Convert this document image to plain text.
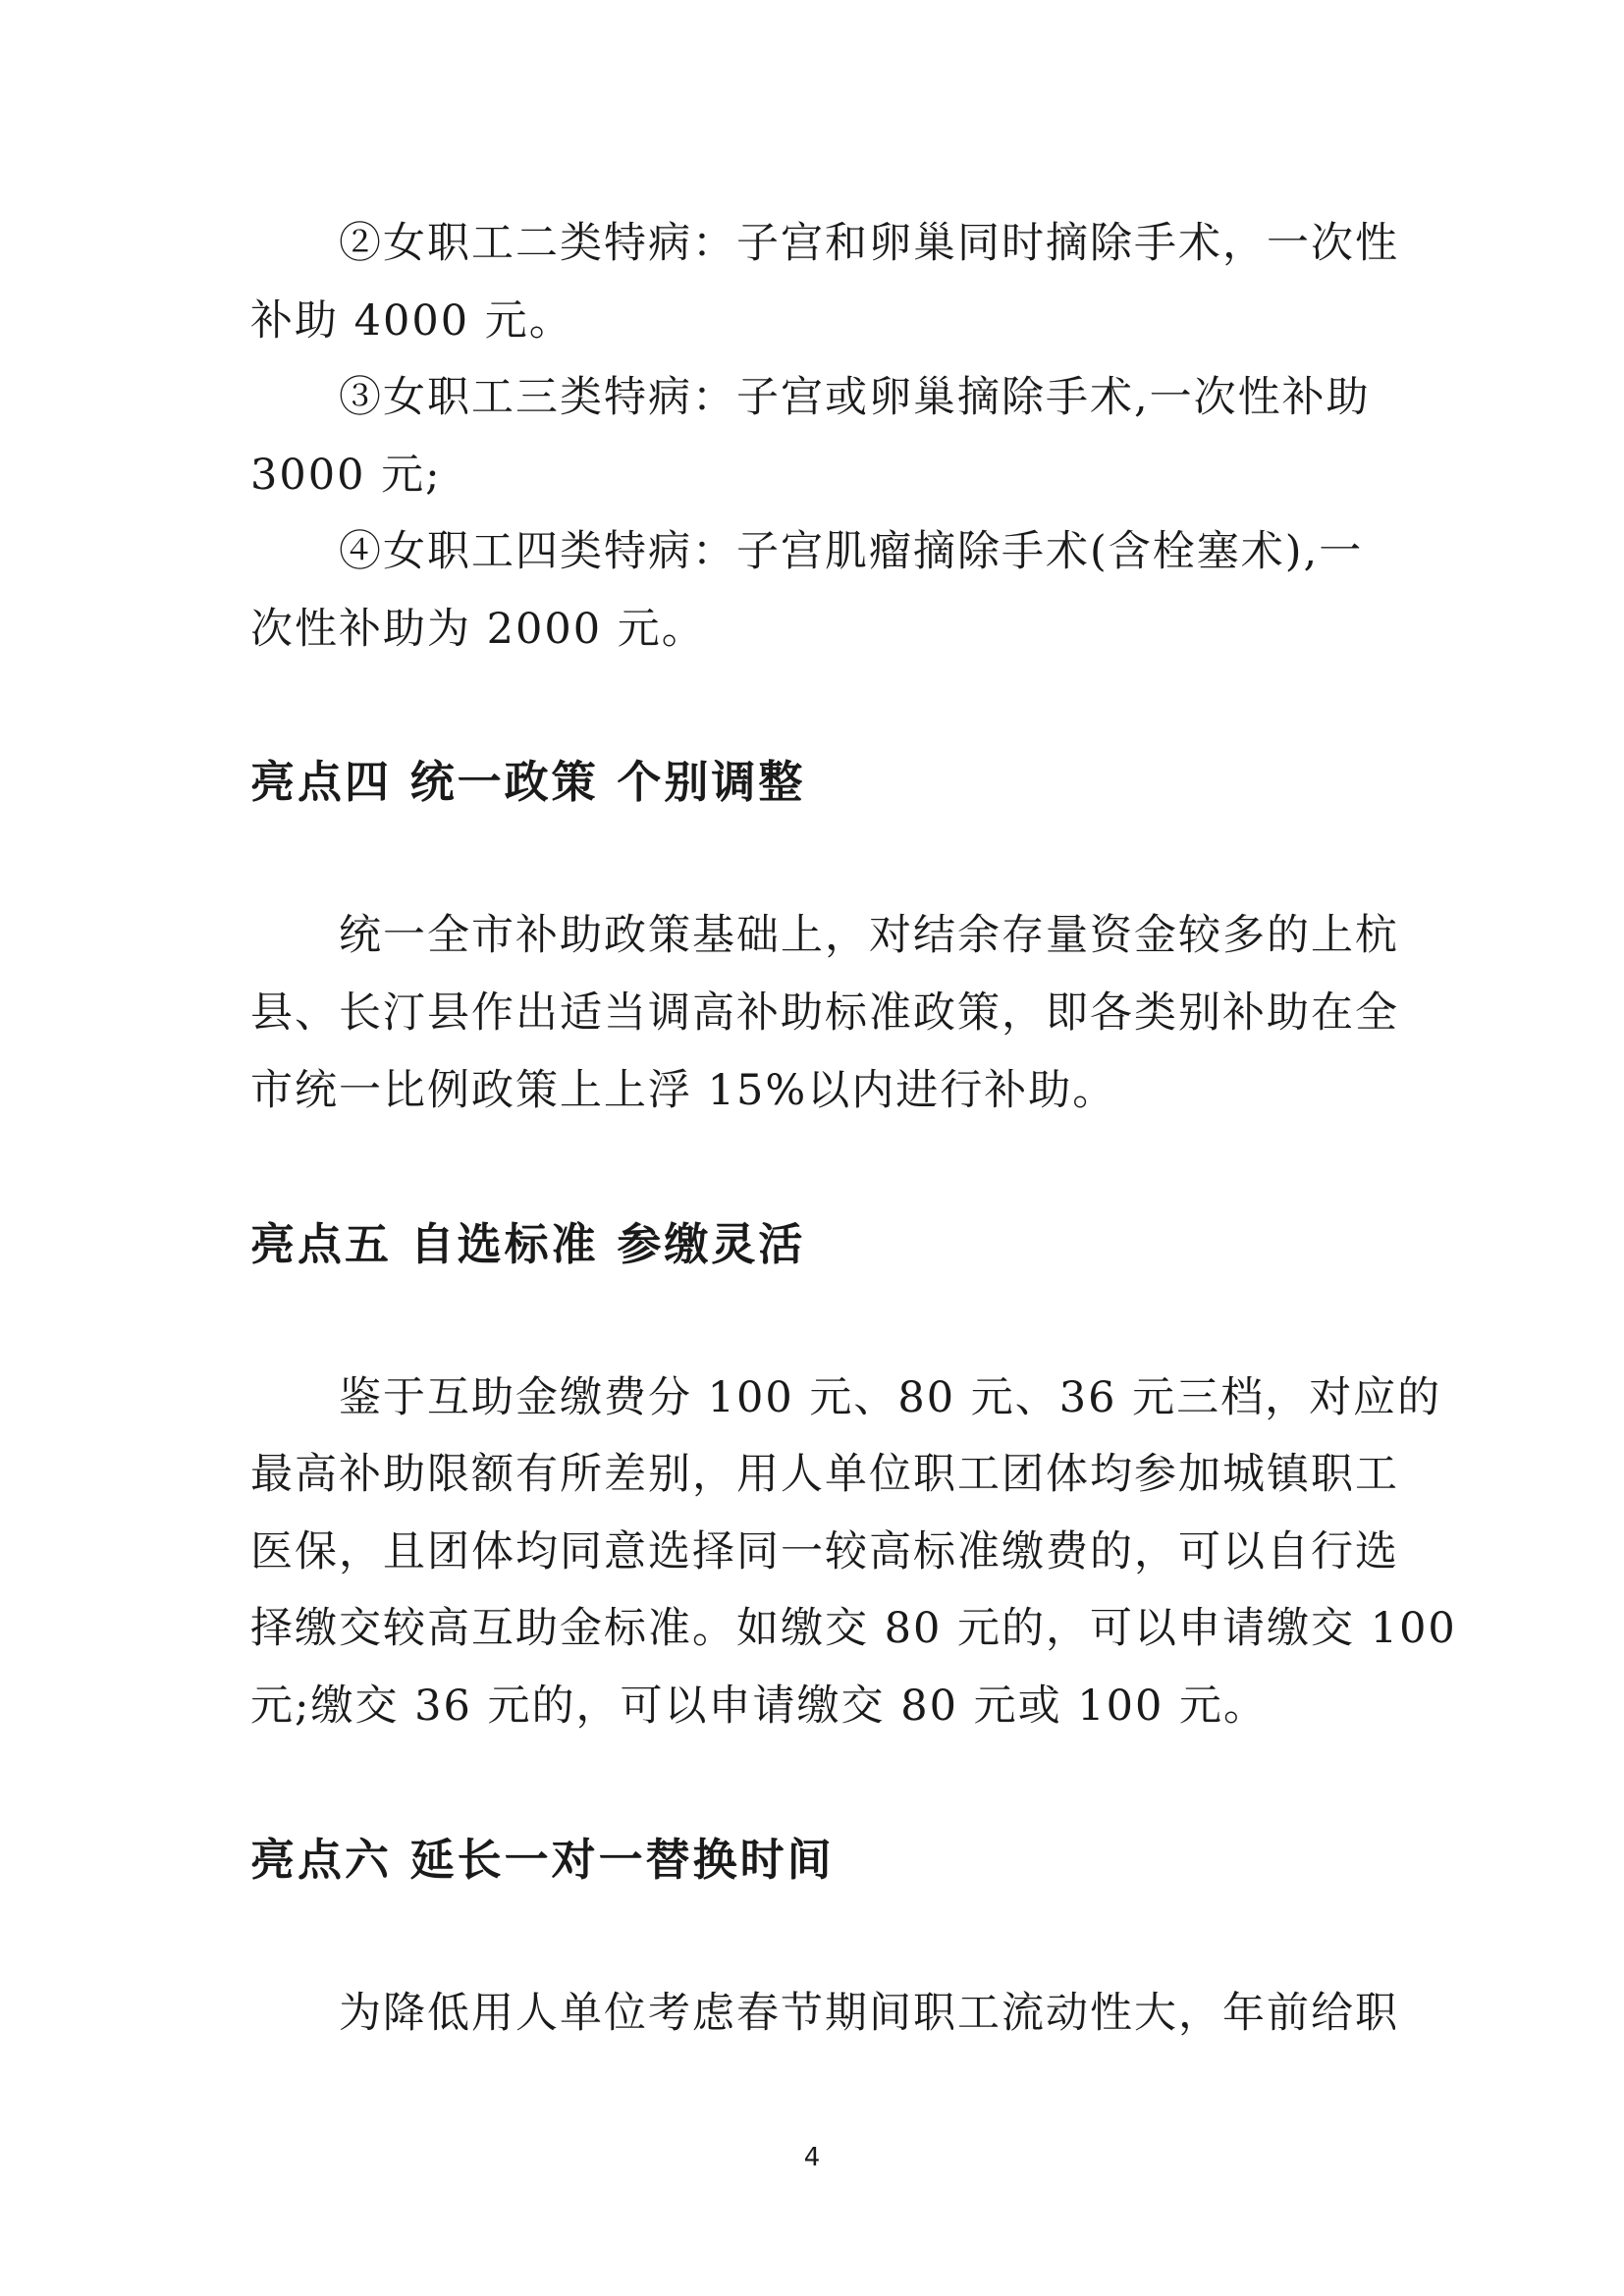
②女职工二类特病：子宫和卵巢同时摘除手术，一次性
补助 4000 元。
③女职工三类特病：子宫或卵巢摘除手术,一次性补助
3000 元;
④女职工四类特病：子宫肌瘤摘除手术(含栓塞术),一
次性补助为 2000 元。
亮点四 统一政策 个别调整
统一全市补助政策基础上，对结余存量资金较多的上杭
县、长汀县作出适当调高补助标准政策，即各类别补助在全
市统一比例政策上上浮 15%以内进行补助。
亮点五 自选标准 参缴灵活
鉴于互助金缴费分 100 元、80 元、36 元三档，对应的
最高补助限额有所差别，用人单位职工团体均参加城镇职工
医保，且团体均同意选择同一较高标准缴费的，可以自行选
择缴交较高互助金标准。如缴交 80 元的，可以申请缴交 100
元;缴交 36 元的，可以申请缴交 80 元或 100 元。
亮点六 延长一对一替换时间
为降低用人单位考虑春节期间职工流动性大，年前给职
4
